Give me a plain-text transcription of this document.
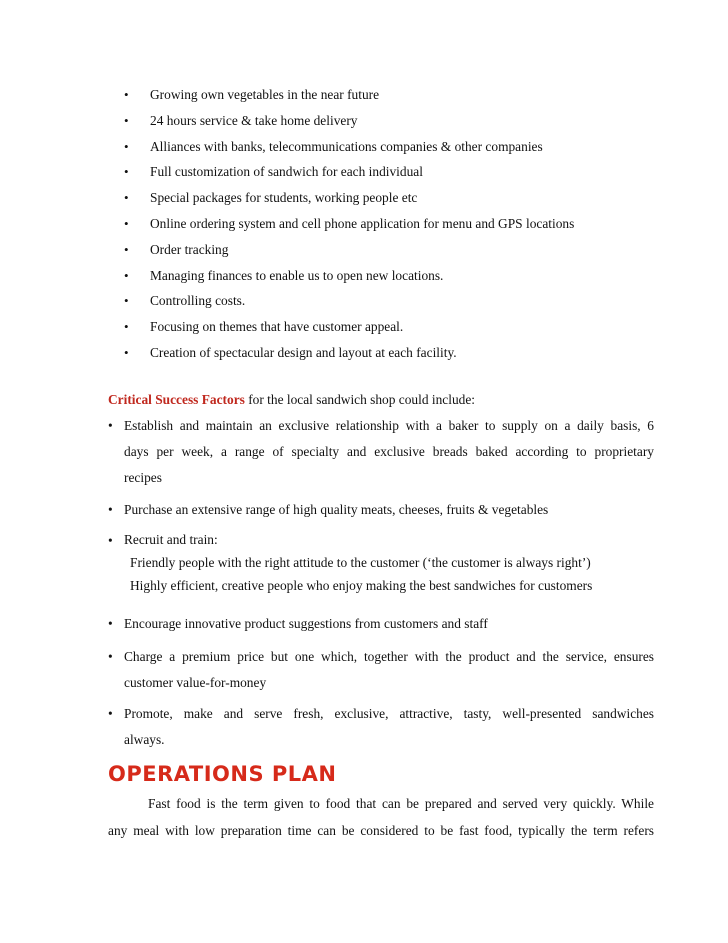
• Growing own vegetables in the near future
• 24 hours service & take home delivery
• Alliances with banks, telecommunications companies & other companies
• Full customization of sandwich for each individual
• Special packages for students, working people etc
• Online ordering system and cell phone application for menu and GPS locations
• Order tracking
• Managing finances to enable us to open new locations.
• Controlling costs.
• Focusing on themes that have customer appeal.
• Creation of spectacular design and layout at each facility.
Critical Success Factors for the local sandwich shop could include:
• Establish and maintain an exclusive relationship with a baker to supply on a daily basis, 6
days per week, a range of specialty and exclusive breads baked according to proprietary
recipes
• Purchase an extensive range of high quality meats, cheeses, fruits & vegetables
• Recruit and train:
Friendly people with the right attitude to the customer (‘the customer is always right’)
Highly efficient, creative people who enjoy making the best sandwiches for customers
• Encourage innovative product suggestions from customers and staff
• Charge a premium price but one which, together with the product and the service, ensures
customer value-for-money
• Promote, make and serve fresh, exclusive, attractive, tasty, well-presented sandwiches
always.
OPERATIONS PLAN
Fast food is the term given to food that can be prepared and served very quickly. While
any meal with low preparation time can be considered to be fast food, typically the term refers
